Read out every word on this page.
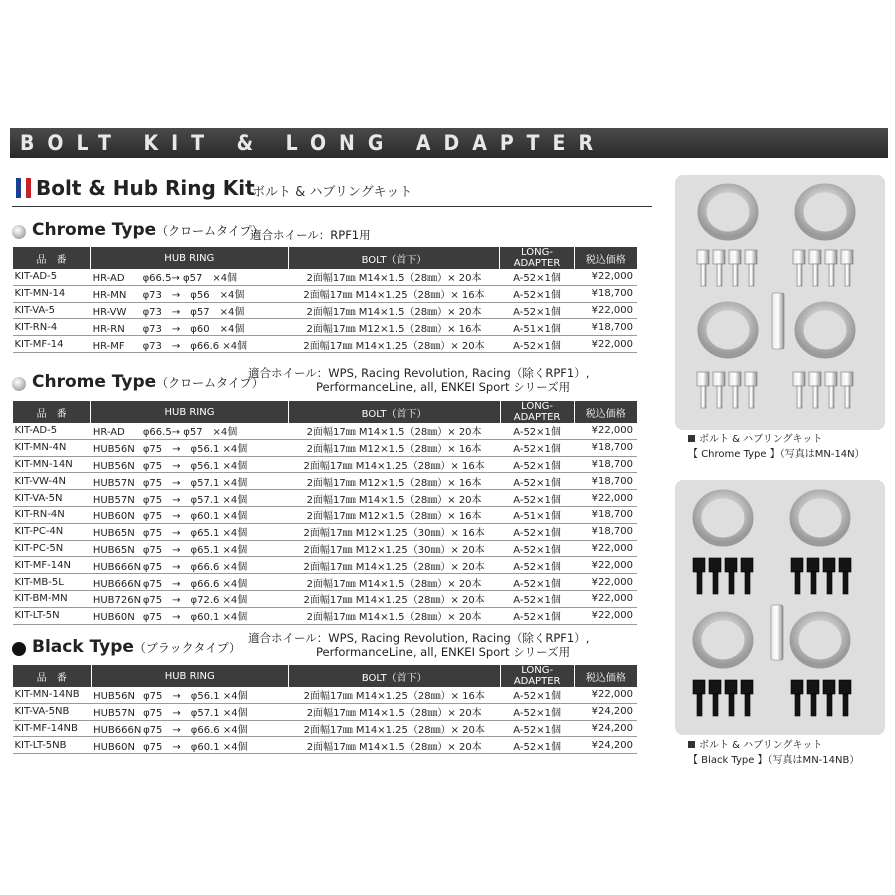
BOLT KIT & LONG ADAPTER
Bolt & Hub Ring Kit
ボルト & ハブリングキット
Chrome Type（クロームタイプ）
適合ホイール：RPF1用
品　番	HUB RING	BOLT（首下）	LONG-ADAPTER	税込価格
KIT-AD-5	HR-AD φ66.5→ φ57　×4個	2面幅17㎜ M14×1.5（28㎜）× 20本	A-52×1個	¥22,000
KIT-MN-14	HR-MN φ73　→　φ56　×4個	2面幅17㎜ M14×1.25（28㎜）× 16本	A-52×1個	¥18,700
KIT-VA-5	HR-VW φ73　→　φ57　×4個	2面幅17㎜ M14×1.5（28㎜）× 20本	A-52×1個	¥22,000
KIT-RN-4	HR-RN φ73　→　φ60　×4個	2面幅17㎜ M12×1.5（28㎜）× 16本	A-51×1個	¥18,700
KIT-MF-14	HR-MF φ73　→　φ66.6 ×4個	2面幅17㎜ M14×1.25（28㎜）× 20本	A-52×1個	¥22,000
Chrome Type（クロームタイプ）
適合ホイール：WPS, Racing Revolution, Racing（除くRPF1）,
PerformanceLine, all, ENKEI Sport シリーズ用
品　番	HUB RING	BOLT（首下）	LONG-ADAPTER	税込価格
KIT-AD-5	HR-AD φ66.5→ φ57　×4個	2面幅17㎜ M14×1.5（28㎜）× 20本	A-52×1個	¥22,000
KIT-MN-4N	HUB56N φ75　→　φ56.1 ×4個	2面幅17㎜ M12×1.5（28㎜）× 16本	A-52×1個	¥18,700
KIT-MN-14N	HUB56N φ75　→　φ56.1 ×4個	2面幅17㎜ M14×1.25（28㎜）× 16本	A-52×1個	¥18,700
KIT-VW-4N	HUB57N φ75　→　φ57.1 ×4個	2面幅17㎜ M12×1.5（28㎜）× 16本	A-52×1個	¥18,700
KIT-VA-5N	HUB57N φ75　→　φ57.1 ×4個	2面幅17㎜ M14×1.5（28㎜）× 20本	A-52×1個	¥22,000
KIT-RN-4N	HUB60N φ75　→　φ60.1 ×4個	2面幅17㎜ M12×1.5（28㎜）× 16本	A-51×1個	¥18,700
KIT-PC-4N	HUB65N φ75　→　φ65.1 ×4個	2面幅17㎜ M12×1.25（30㎜）× 16本	A-52×1個	¥18,700
KIT-PC-5N	HUB65N φ75　→　φ65.1 ×4個	2面幅17㎜ M12×1.25（30㎜）× 20本	A-52×1個	¥22,000
KIT-MF-14N	HUB666N φ75　→　φ66.6 ×4個	2面幅17㎜ M14×1.25（28㎜）× 20本	A-52×1個	¥22,000
KIT-MB-5L	HUB666N φ75　→　φ66.6 ×4個	2面幅17㎜ M14×1.5（28㎜）× 20本	A-52×1個	¥22,000
KIT-BM-MN	HUB726N φ75　→　φ72.6 ×4個	2面幅17㎜ M14×1.25（28㎜）× 20本	A-52×1個	¥22,000
KIT-LT-5N	HUB60N φ75　→　φ60.1 ×4個	2面幅17㎜ M14×1.5（28㎜）× 20本	A-52×1個	¥22,000
Black Type（ブラックタイプ）
適合ホイール：WPS, Racing Revolution, Racing（除くRPF1）,
PerformanceLine, all, ENKEI Sport シリーズ用
品　番	HUB RING	BOLT（首下）	LONG-ADAPTER	税込価格
KIT-MN-14NB	HUB56N φ75　→　φ56.1 ×4個	2面幅17㎜ M14×1.25（28㎜）× 16本	A-52×1個	¥22,000
KIT-VA-5NB	HUB57N φ75　→　φ57.1 ×4個	2面幅17㎜ M14×1.5（28㎜）× 20本	A-52×1個	¥24,200
KIT-MF-14NB	HUB666N φ75　→　φ66.6 ×4個	2面幅17㎜ M14×1.25（28㎜）× 20本	A-52×1個	¥24,200
KIT-LT-5NB	HUB60N φ75　→　φ60.1 ×4個	2面幅17㎜ M14×1.5（28㎜）× 20本	A-52×1個	¥24,200
ボルト & ハブリングキット
【 Chrome Type 】（写真はMN-14N）
ボルト & ハブリングキット
【 Black Type 】（写真はMN-14NB）
